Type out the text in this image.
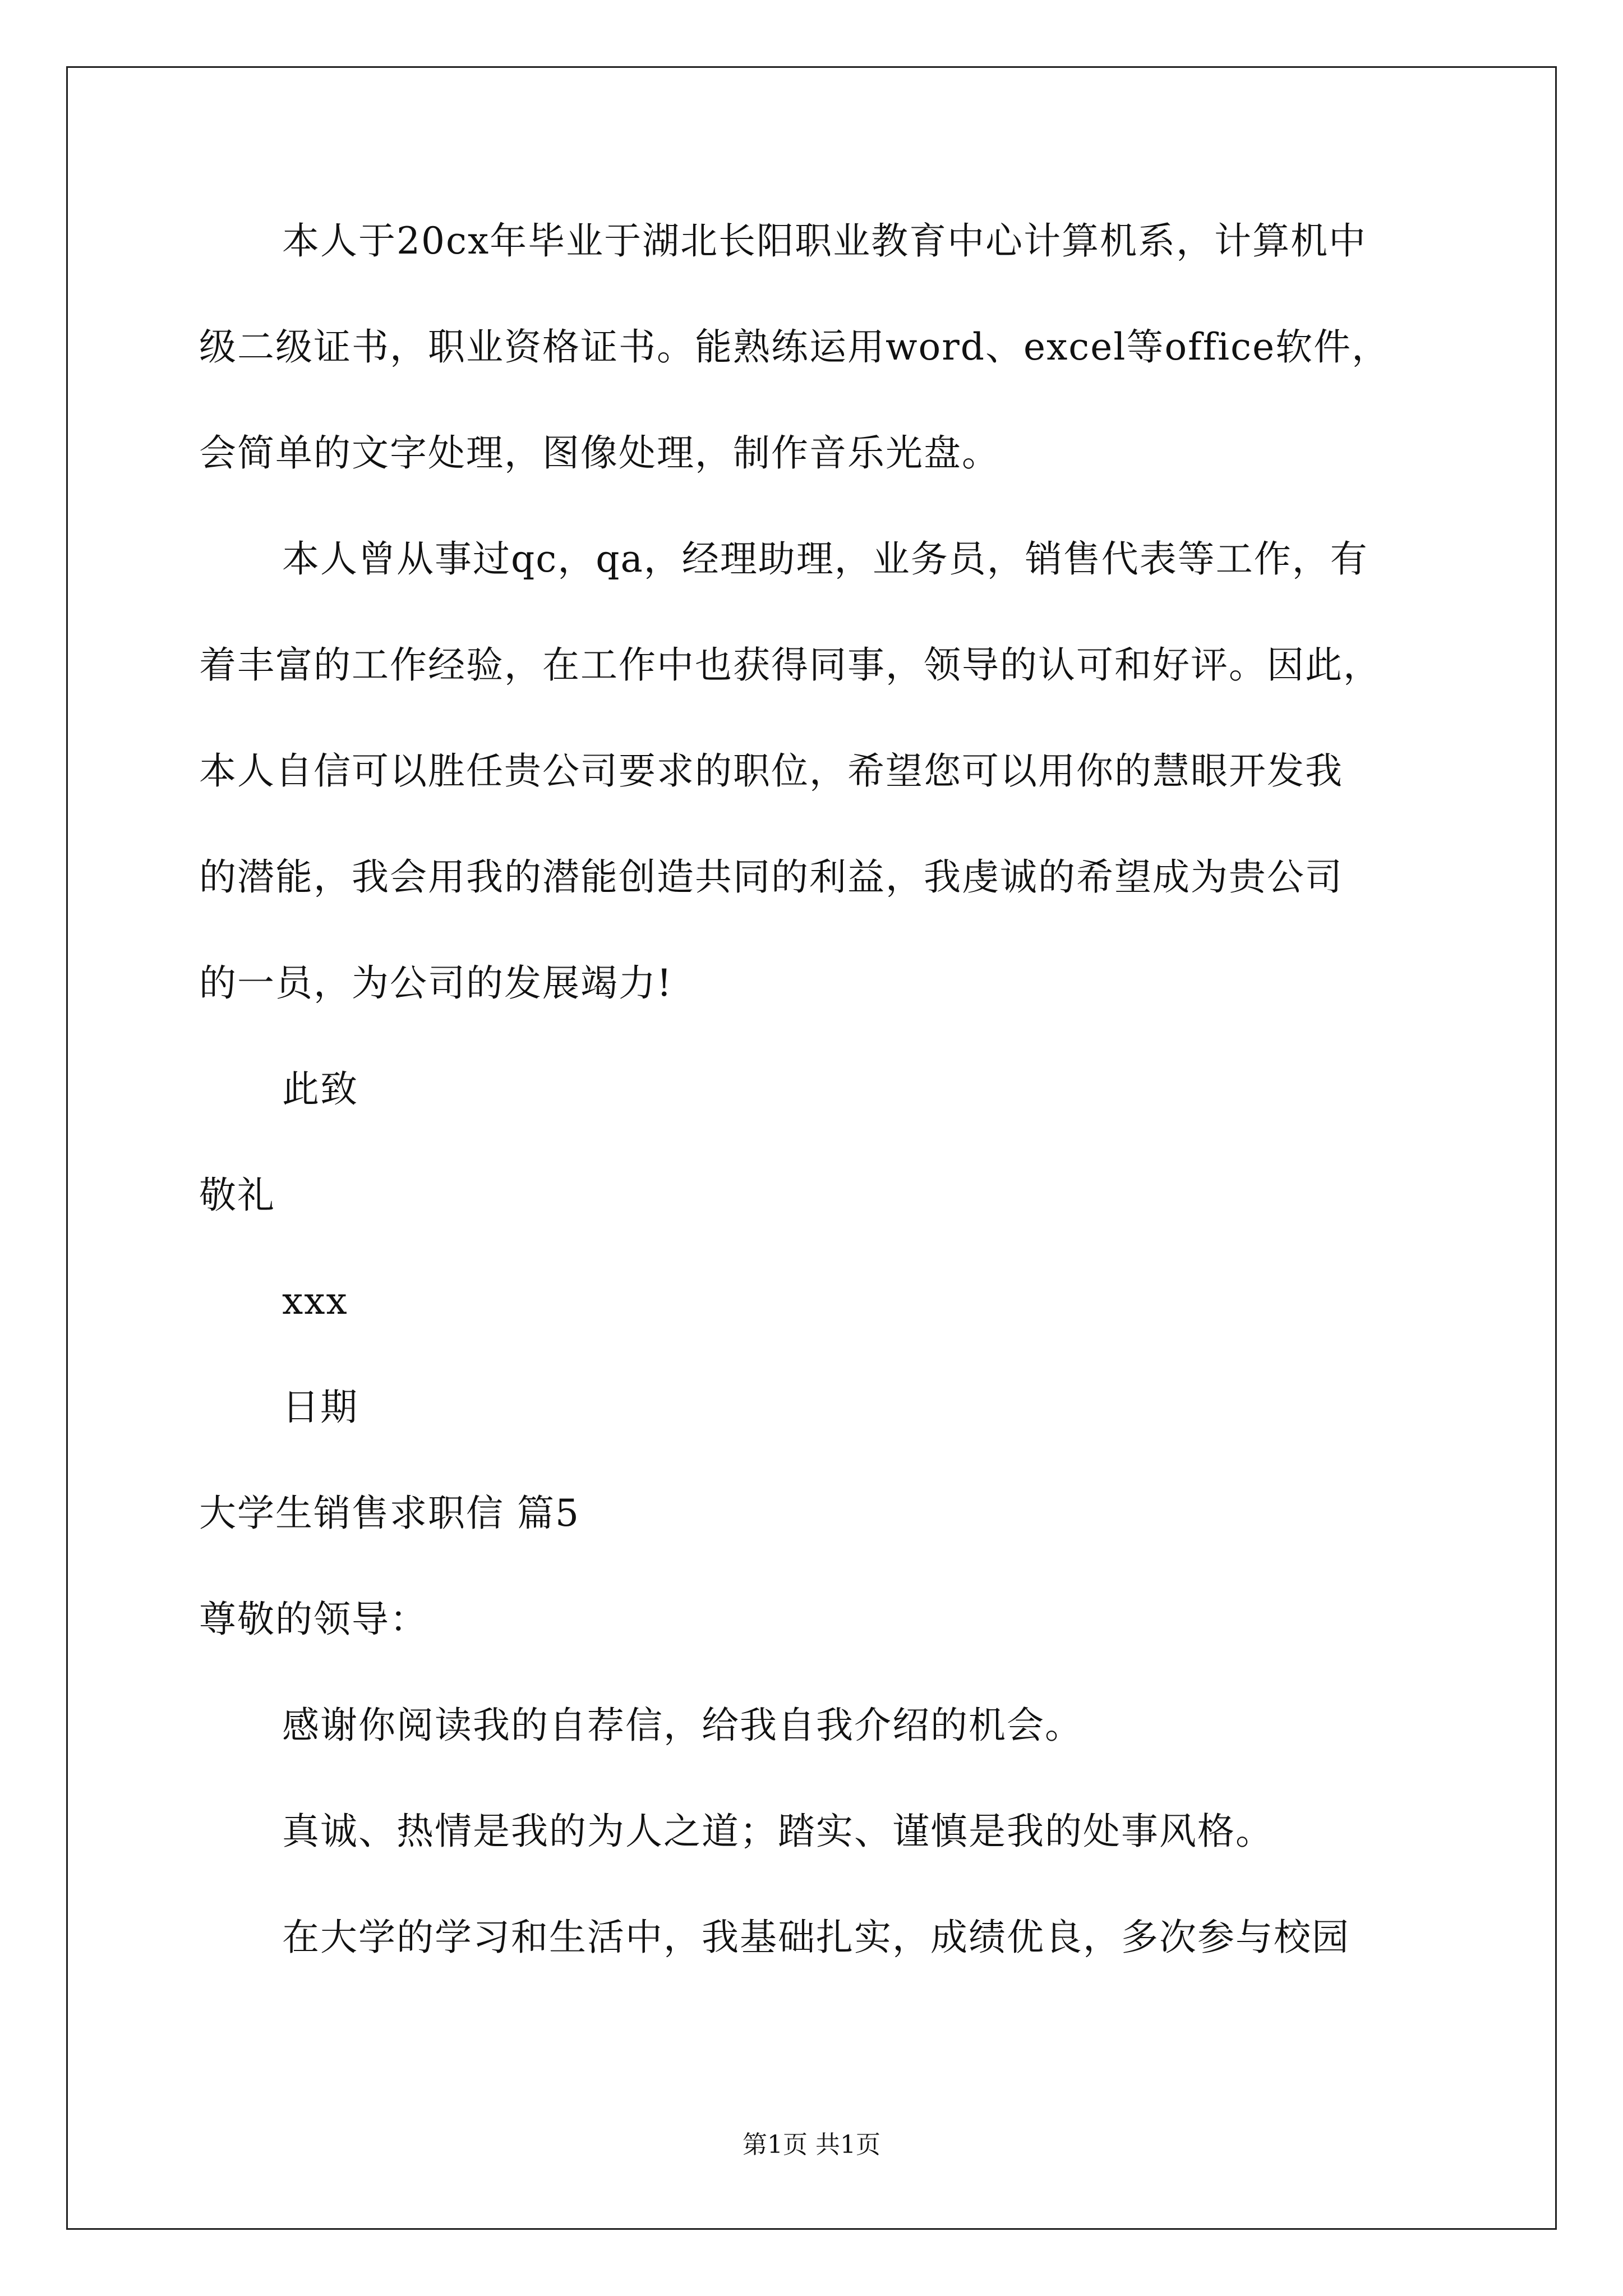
本人于20cx年毕业于湖北长阳职业教育中心计算机系，计算机中
级二级证书，职业资格证书。能熟练运用word、excel等office软件，
会简单的文字处理，图像处理，制作音乐光盘。
本人曾从事过qc，qa，经理助理，业务员，销售代表等工作，有
着丰富的工作经验，在工作中也获得同事，领导的认可和好评。因此，
本人自信可以胜任贵公司要求的职位，希望您可以用你的慧眼开发我
的潜能，我会用我的潜能创造共同的利益，我虔诚的希望成为贵公司
的一员，为公司的发展竭力!
此致
敬礼
xxx
日期
大学生销售求职信 篇5
尊敬的领导：
感谢你阅读我的自荐信，给我自我介绍的机会。
真诚、热情是我的为人之道；踏实、谨慎是我的处事风格。
在大学的学习和生活中，我基础扎实，成绩优良，多次参与校园
第1页 共1页
